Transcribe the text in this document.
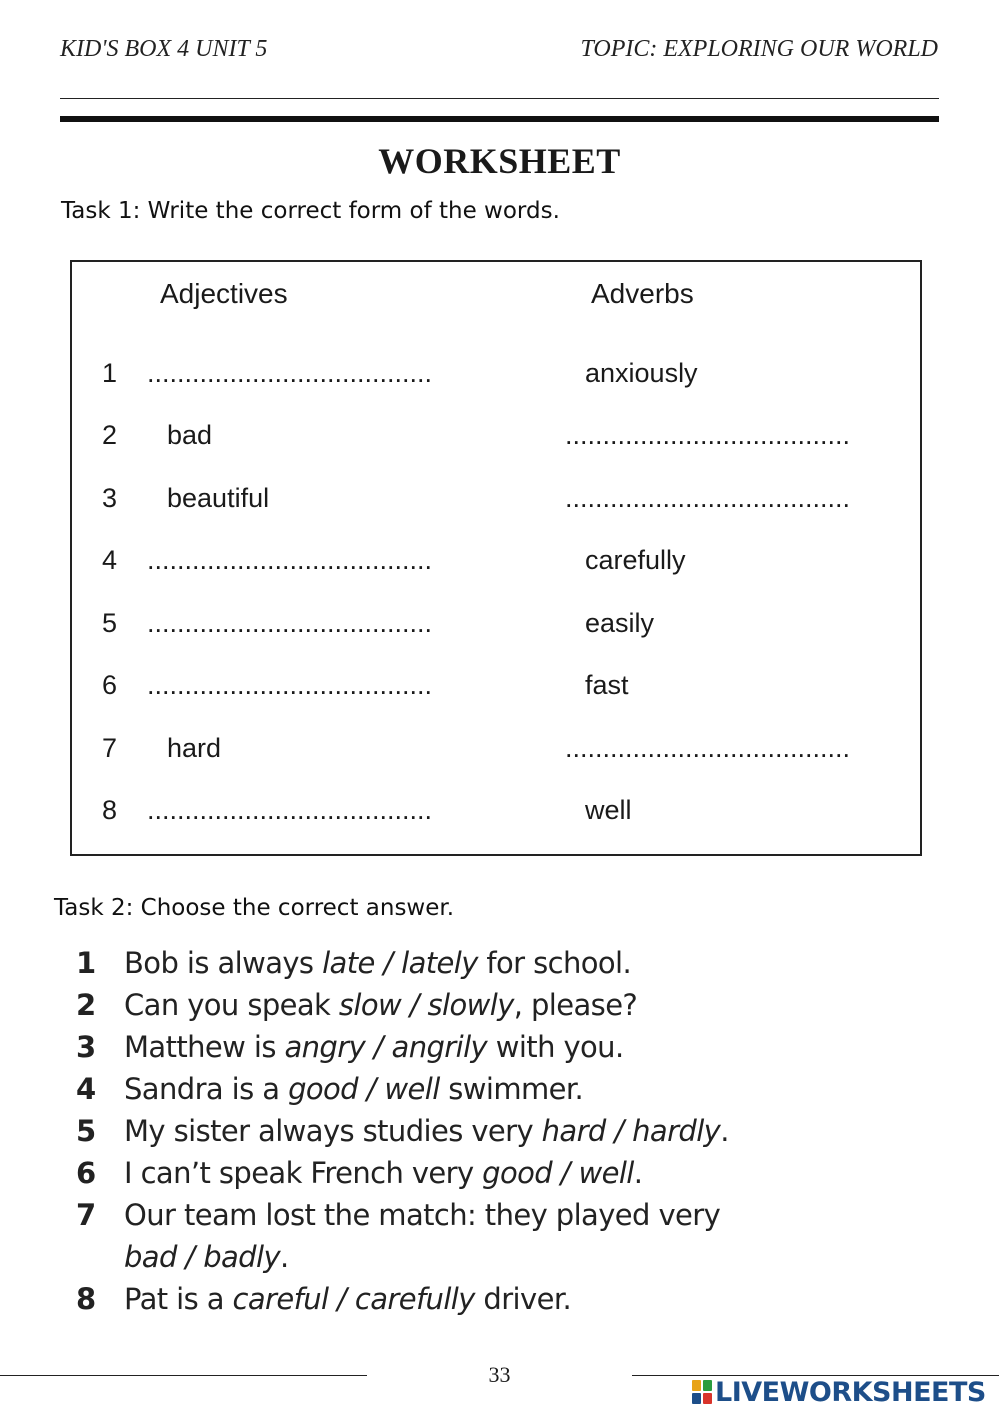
KID'S BOX 4 UNIT 5	TOPIC: EXPLORING OUR WORLD
WORKSHEET
Task 1: Write the correct form of the words.
Adjectives	Adverbs
1 ......................................	anxiously
2 bad	......................................
3 beautiful	......................................
4 ......................................	carefully
5 ......................................	easily
6 ......................................	fast
7 hard	......................................
8 ......................................	well
Task 2: Choose the correct answer.
1 Bob is always late / lately for school.
2 Can you speak slow / slowly, please?
3 Matthew is angry / angrily with you.
4 Sandra is a good / well swimmer.
5 My sister always studies very hard / hardly.
6 I can’t speak French very good / well.
7 Our team lost the match: they played very
bad / badly.
8 Pat is a careful / carefully driver.
33
LIVEWORKSHEETS
